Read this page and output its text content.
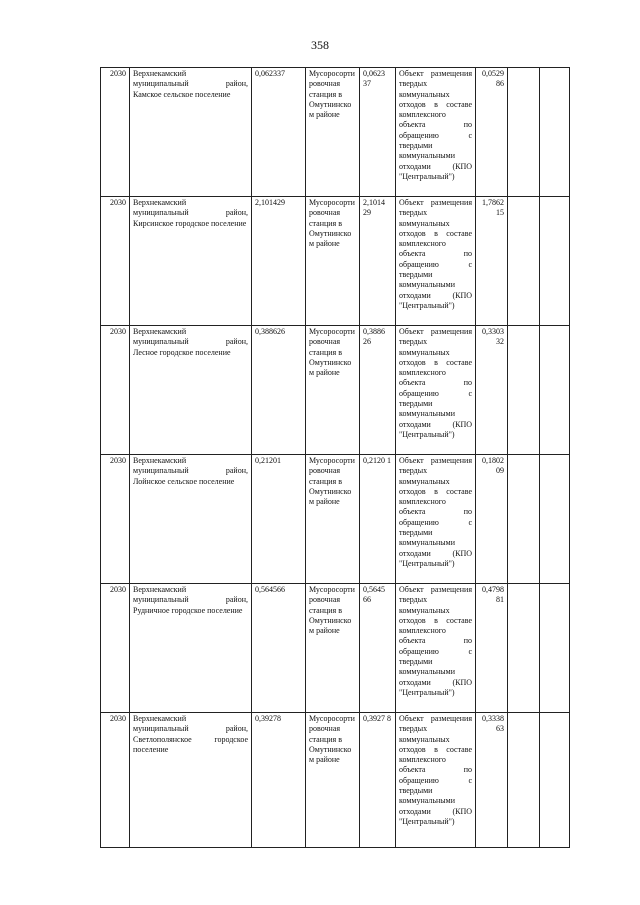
358
2030	Верхнекамский
муниципальный район,
Камское сельское поселение	0,062337	Мусоросортировочная станция в Омутнинском районе	0,0623 37	Объект размещения твердых коммунальных отходов в составе комплексного объекта по обращению с твердыми коммунальными отходами (КПО "Центральный")	0,0529 86		
2030	Верхнекамский
муниципальный район,
Кирсинское городское поселение	2,101429	Мусоросортировочная станция в Омутнинском районе	2,1014 29	Объект размещения твердых коммунальных отходов в составе комплексного объекта по обращению с твердыми коммунальными отходами (КПО "Центральный")	1,7862 15		
2030	Верхнекамский
муниципальный район,
Лесное городское поселение	0,388626	Мусоросортировочная станция в Омутнинском районе	0,3886 26	Объект размещения твердых коммунальных отходов в составе комплексного объекта по обращению с твердыми коммунальными отходами (КПО "Центральный")	0,3303 32		
2030	Верхнекамский
муниципальный район,
Лойнское сельское поселение	0,21201	Мусоросортировочная станция в Омутнинском районе	0,2120 1	Объект размещения твердых коммунальных отходов в составе комплексного объекта по обращению с твердыми коммунальными отходами (КПО "Центральный")	0,1802 09		
2030	Верхнекамский
муниципальный район,
Рудничное городское поселение	0,564566	Мусоросортировочная станция в Омутнинском районе	0,5645 66	Объект размещения твердых коммунальных отходов в составе комплексного объекта по обращению с твердыми коммунальными отходами (КПО "Центральный")	0,4798 81		
2030	Верхнекамский
муниципальный район,
Светлополянское городское поселение	0,39278	Мусоросортировочная станция в Омутнинском районе	0,3927 8	Объект размещения твердых коммунальных отходов в составе комплексного объекта по обращению с твердыми коммунальными отходами (КПО "Центральный")	0,3338 63		
